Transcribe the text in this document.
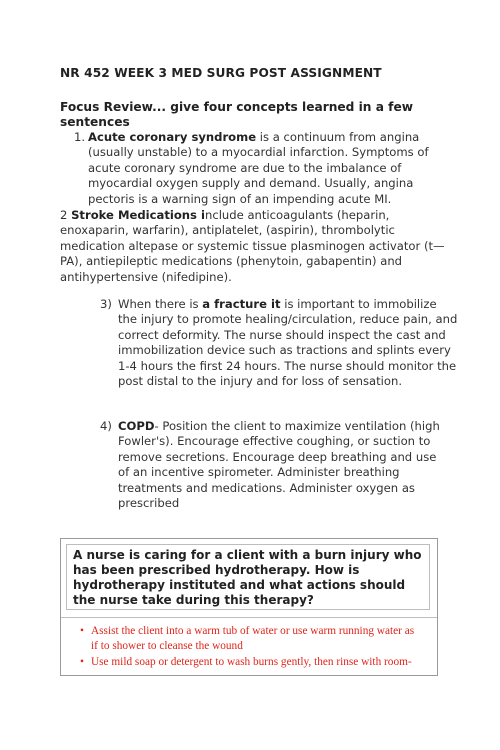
NR 452 WEEK 3 MED SURG POST ASSIGNMENT
Focus Review... give four concepts learned in a few sentences
1. Acute coronary syndrome is a continuum from angina (usually unstable) to a myocardial infarction. Symptoms of acute coronary syndrome are due to the imbalance of myocardial oxygen supply and demand. Usually, angina pectoris is a warning sign of an impending acute MI.
2 Stroke Medications include anticoagulants (heparin, enoxaparin, warfarin), antiplatelet, (aspirin), thrombolytic medication altepase or systemic tissue plasminogen activator (t—PA), antiepileptic medications (phenytoin, gabapentin) and antihypertensive (nifedipine).
3) When there is a fracture it is important to immobilize the injury to promote healing/circulation, reduce pain, and correct deformity. The nurse should inspect the cast and immobilization device such as tractions and splints every 1-4 hours the first 24 hours. The nurse should monitor the post distal to the injury and for loss of sensation.
4) COPD- Position the client to maximize ventilation (high Fowler's). Encourage effective coughing, or suction to remove secretions. Encourage deep breathing and use of an incentive spirometer. Administer breathing treatments and medications. Administer oxygen as prescribed
A nurse is caring for a client with a burn injury who has been prescribed hydrotherapy. How is hydrotherapy instituted and what actions should the nurse take during this therapy?
• Assist the client into a warm tub of water or use warm running water as if to shower to cleanse the wound
• Use mild soap or detergent to wash burns gently, then rinse with room-
